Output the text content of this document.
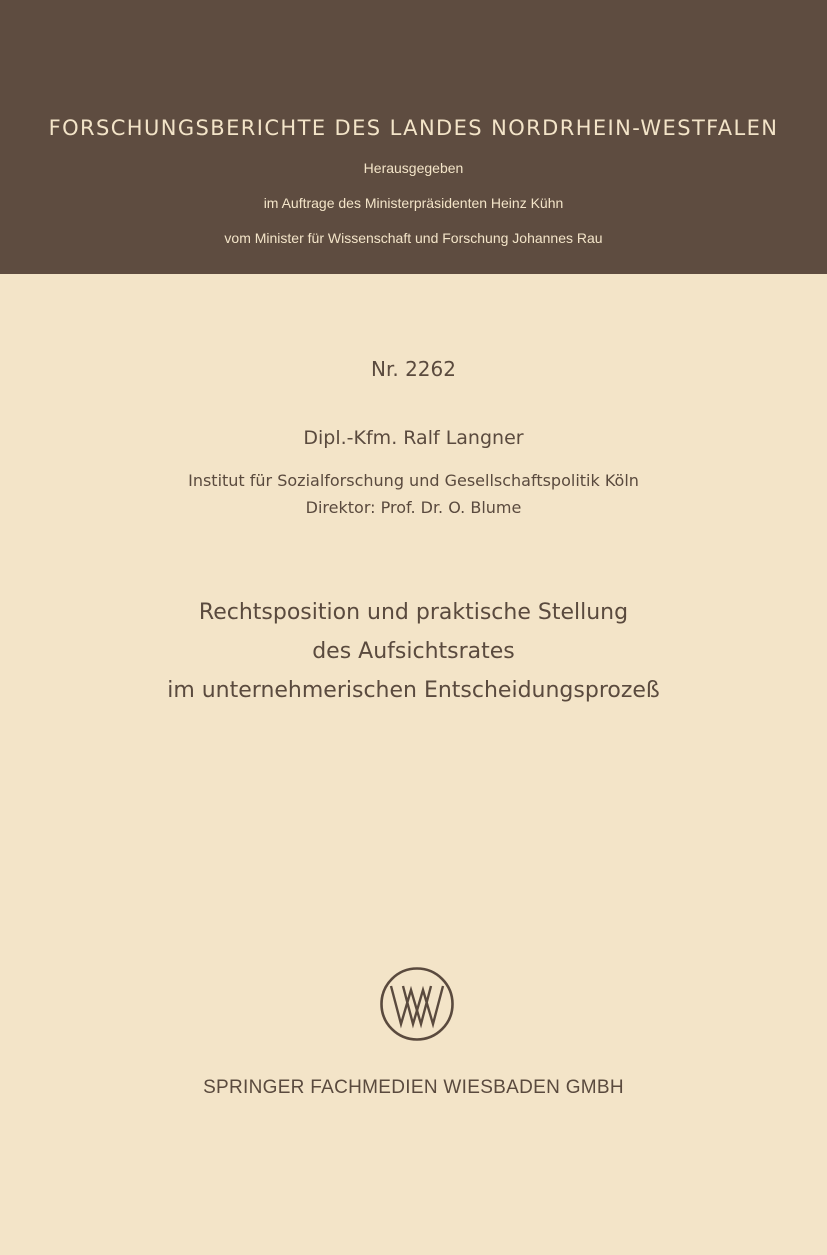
FORSCHUNGSBERICHTE DES LANDES NORDRHEIN-WESTFALEN
Herausgegeben
im Auftrage des Ministerpräsidenten Heinz Kühn
vom Minister für Wissenschaft und Forschung Johannes Rau
Nr. 2262
Dipl.-Kfm. Ralf Langner
Institut für Sozialforschung und Gesellschaftspolitik Köln
Direktor: Prof. Dr. O. Blume
Rechtsposition und praktische Stellung
des Aufsichtsrates
im unternehmerischen Entscheidungsprozeß
SPRINGER FACHMEDIEN WIESBADEN GMBH
